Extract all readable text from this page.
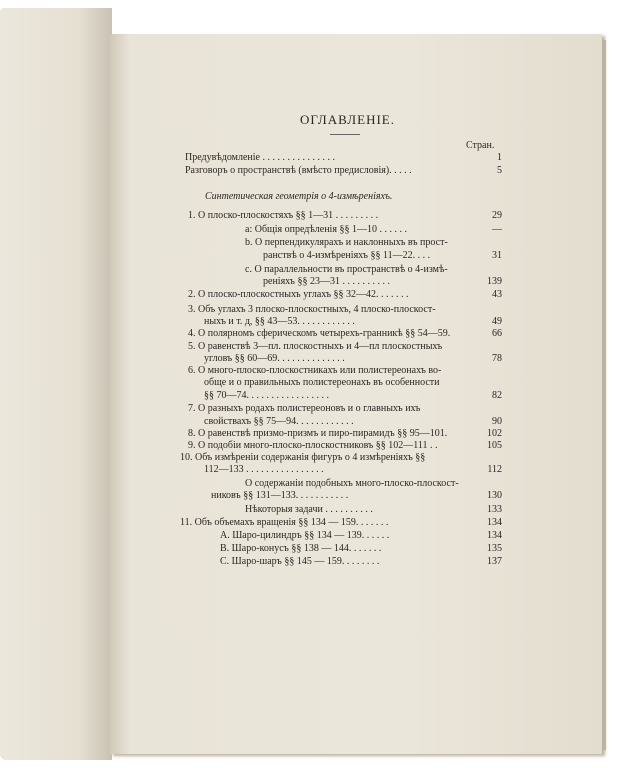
ОГЛАВЛЕНIЕ.
Стран.
Синтетическая геометрiя о 4-измѣренiяхъ.
Предувѣдомленiе . . . . . . . . . . . . . . .	1
Разговоръ о пространствѣ (вмѣсто предисловiя). . . . .	5
1. О плоско-плоскостяхъ §§ 1—31 . . . . . . . . .	29
a: Общiя опредѣленiя §§ 1—10 . . . . . .	—
b. О перпендикулярахъ и наклонныхъ въ прост-
ранствѣ о 4-измѣренiяхъ §§ 11—22. . . .	31
c. О параллельности въ пространствѣ о 4-измѣ-
ренiяхъ §§ 23—31 . . . . . . . . . .	139
2. О плоско-плоскостныхъ углахъ §§ 32—42. . . . . . .	43
3. Объ углахъ 3 плоско-плоскостныхъ, 4 плоско-плоскост-
ныхъ и т. д, §§ 43—53. . . . . . . . . . . .	49
4. О полярномъ сферическомъ четырехъ-гранникѣ §§ 54—59.	66
5. О равенствѣ 3—пл. плоскостныхъ и 4—пл плоскостныхъ
угловъ §§ 60—69. . . . . . . . . . . . . .	78
6. О много-плоско-плоскостникахъ или полистереонахъ во-
обще и о правильныхъ полистереонахъ въ особенности
§§ 70—74. . . . . . . . . . . . . . . . .	82
7. О разныхъ родахъ полистереоновъ и о главныхъ ихъ
свойствахъ §§ 75—94. . . . . . . . . . . .	90
8. О равенствѣ призмо-призмъ и пиро-пирамидъ §§ 95—101.	102
9. О подобiи много-плоско-плоскостниковъ §§ 102—111 . .	105
10. Объ измѣренiи содержанiя фигуръ о 4 измѣренiяхъ §§
112—133 . . . . . . . . . . . . . . . .	112
О содержанiи подобныхъ много-плоско-плоскост-
никовъ §§ 131—133. . . . . . . . . . .	130
Нѣкоторыя задачи . . . . . . . . . .	133
11. Объ объемахъ вращенiя §§ 134 — 159. . . . . . .	134
A. Шаро-цилиндръ §§ 134 — 139. . . . . .	134
B. Шаро-конусъ §§ 138 — 144. . . . . . .	135
C. Шаро-шаръ §§ 145 — 159. . . . . . . .	137
